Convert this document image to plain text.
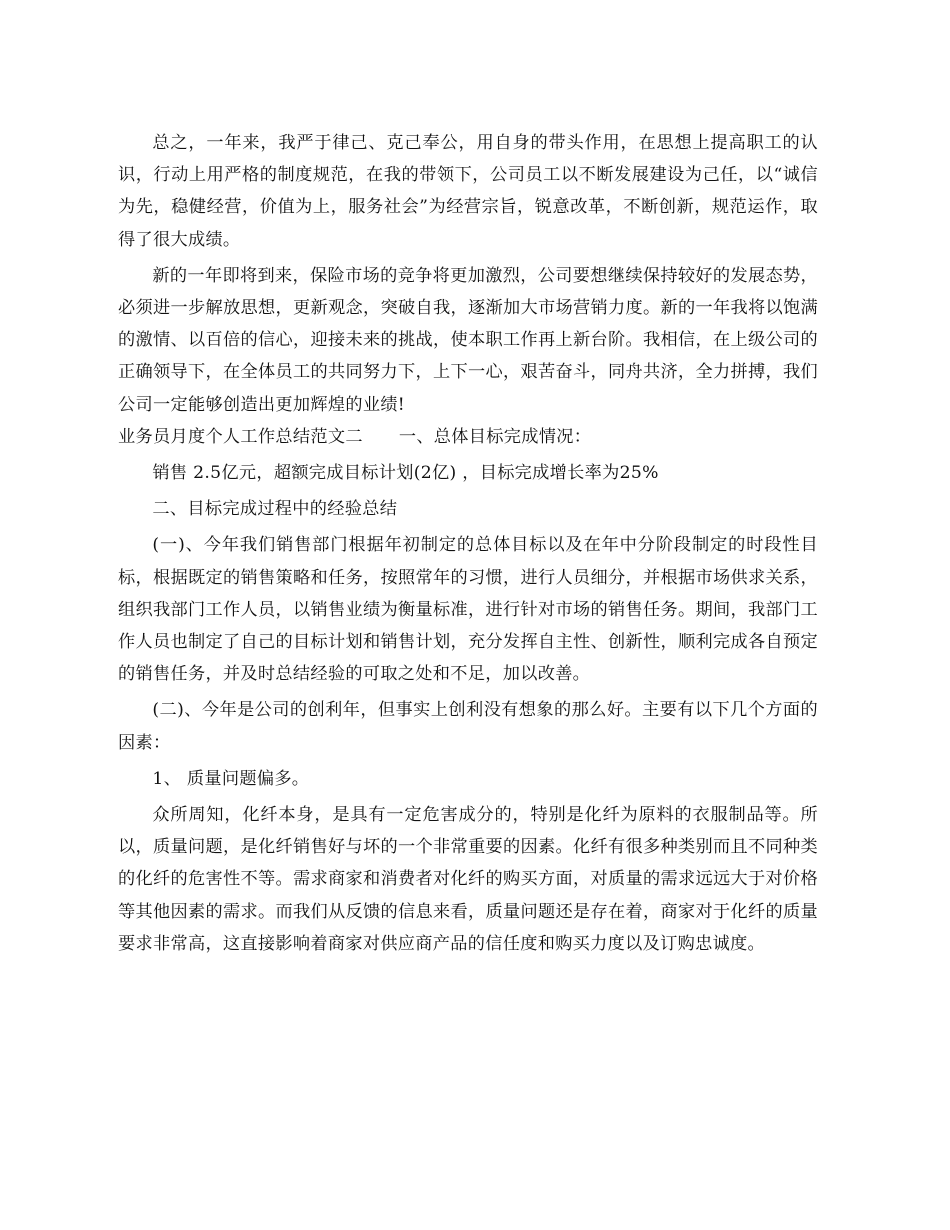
总之，一年来，我严于律己、克己奉公，用自身的带头作用，在思想上提高职工的认识，行动上用严格的制度规范，在我的带领下，公司员工以不断发展建设为己任，以“诚信为先，稳健经营，价值为上，服务社会”为经营宗旨，锐意改革，不断创新，规范运作，取得了很大成绩。

新的一年即将到来，保险市场的竞争将更加激烈，公司要想继续保持较好的发展态势，必须进一步解放思想，更新观念，突破自我，逐渐加大市场营销力度。新的一年我将以饱满的激情、以百倍的信心，迎接未来的挑战，使本职工作再上新台阶。我相信，在上级公司的正确领导下，在全体员工的共同努力下，上下一心，艰苦奋斗，同舟共济，全力拼搏，我们公司一定能够创造出更加辉煌的业绩!

业务员月度个人工作总结范文二 一、总体目标完成情况：

销售 2.5亿元，超额完成目标计划(2亿) ，目标完成增长率为25%

二、目标完成过程中的经验总结

(一)、今年我们销售部门根据年初制定的总体目标以及在年中分阶段制定的时段性目标，根据既定的销售策略和任务，按照常年的习惯，进行人员细分，并根据市场供求关系，组织我部门工作人员，以销售业绩为衡量标准，进行针对市场的销售任务。期间，我部门工作人员也制定了自己的目标计划和销售计划，充分发挥自主性、创新性，顺利完成各自预定的销售任务，并及时总结经验的可取之处和不足，加以改善。

(二)、今年是公司的创利年，但事实上创利没有想象的那么好。主要有以下几个方面的因素：

1、 质量问题偏多。

众所周知，化纤本身，是具有一定危害成分的，特别是化纤为原料的衣服制品等。所以，质量问题，是化纤销售好与坏的一个非常重要的因素。化纤有很多种类别而且不同种类的化纤的危害性不等。需求商家和消费者对化纤的购买方面，对质量的需求远远大于对价格等其他因素的需求。而我们从反馈的信息来看，质量问题还是存在着，商家对于化纤的质量要求非常高，这直接影响着商家对供应商产品的信任度和购买力度以及订购忠诚度。
